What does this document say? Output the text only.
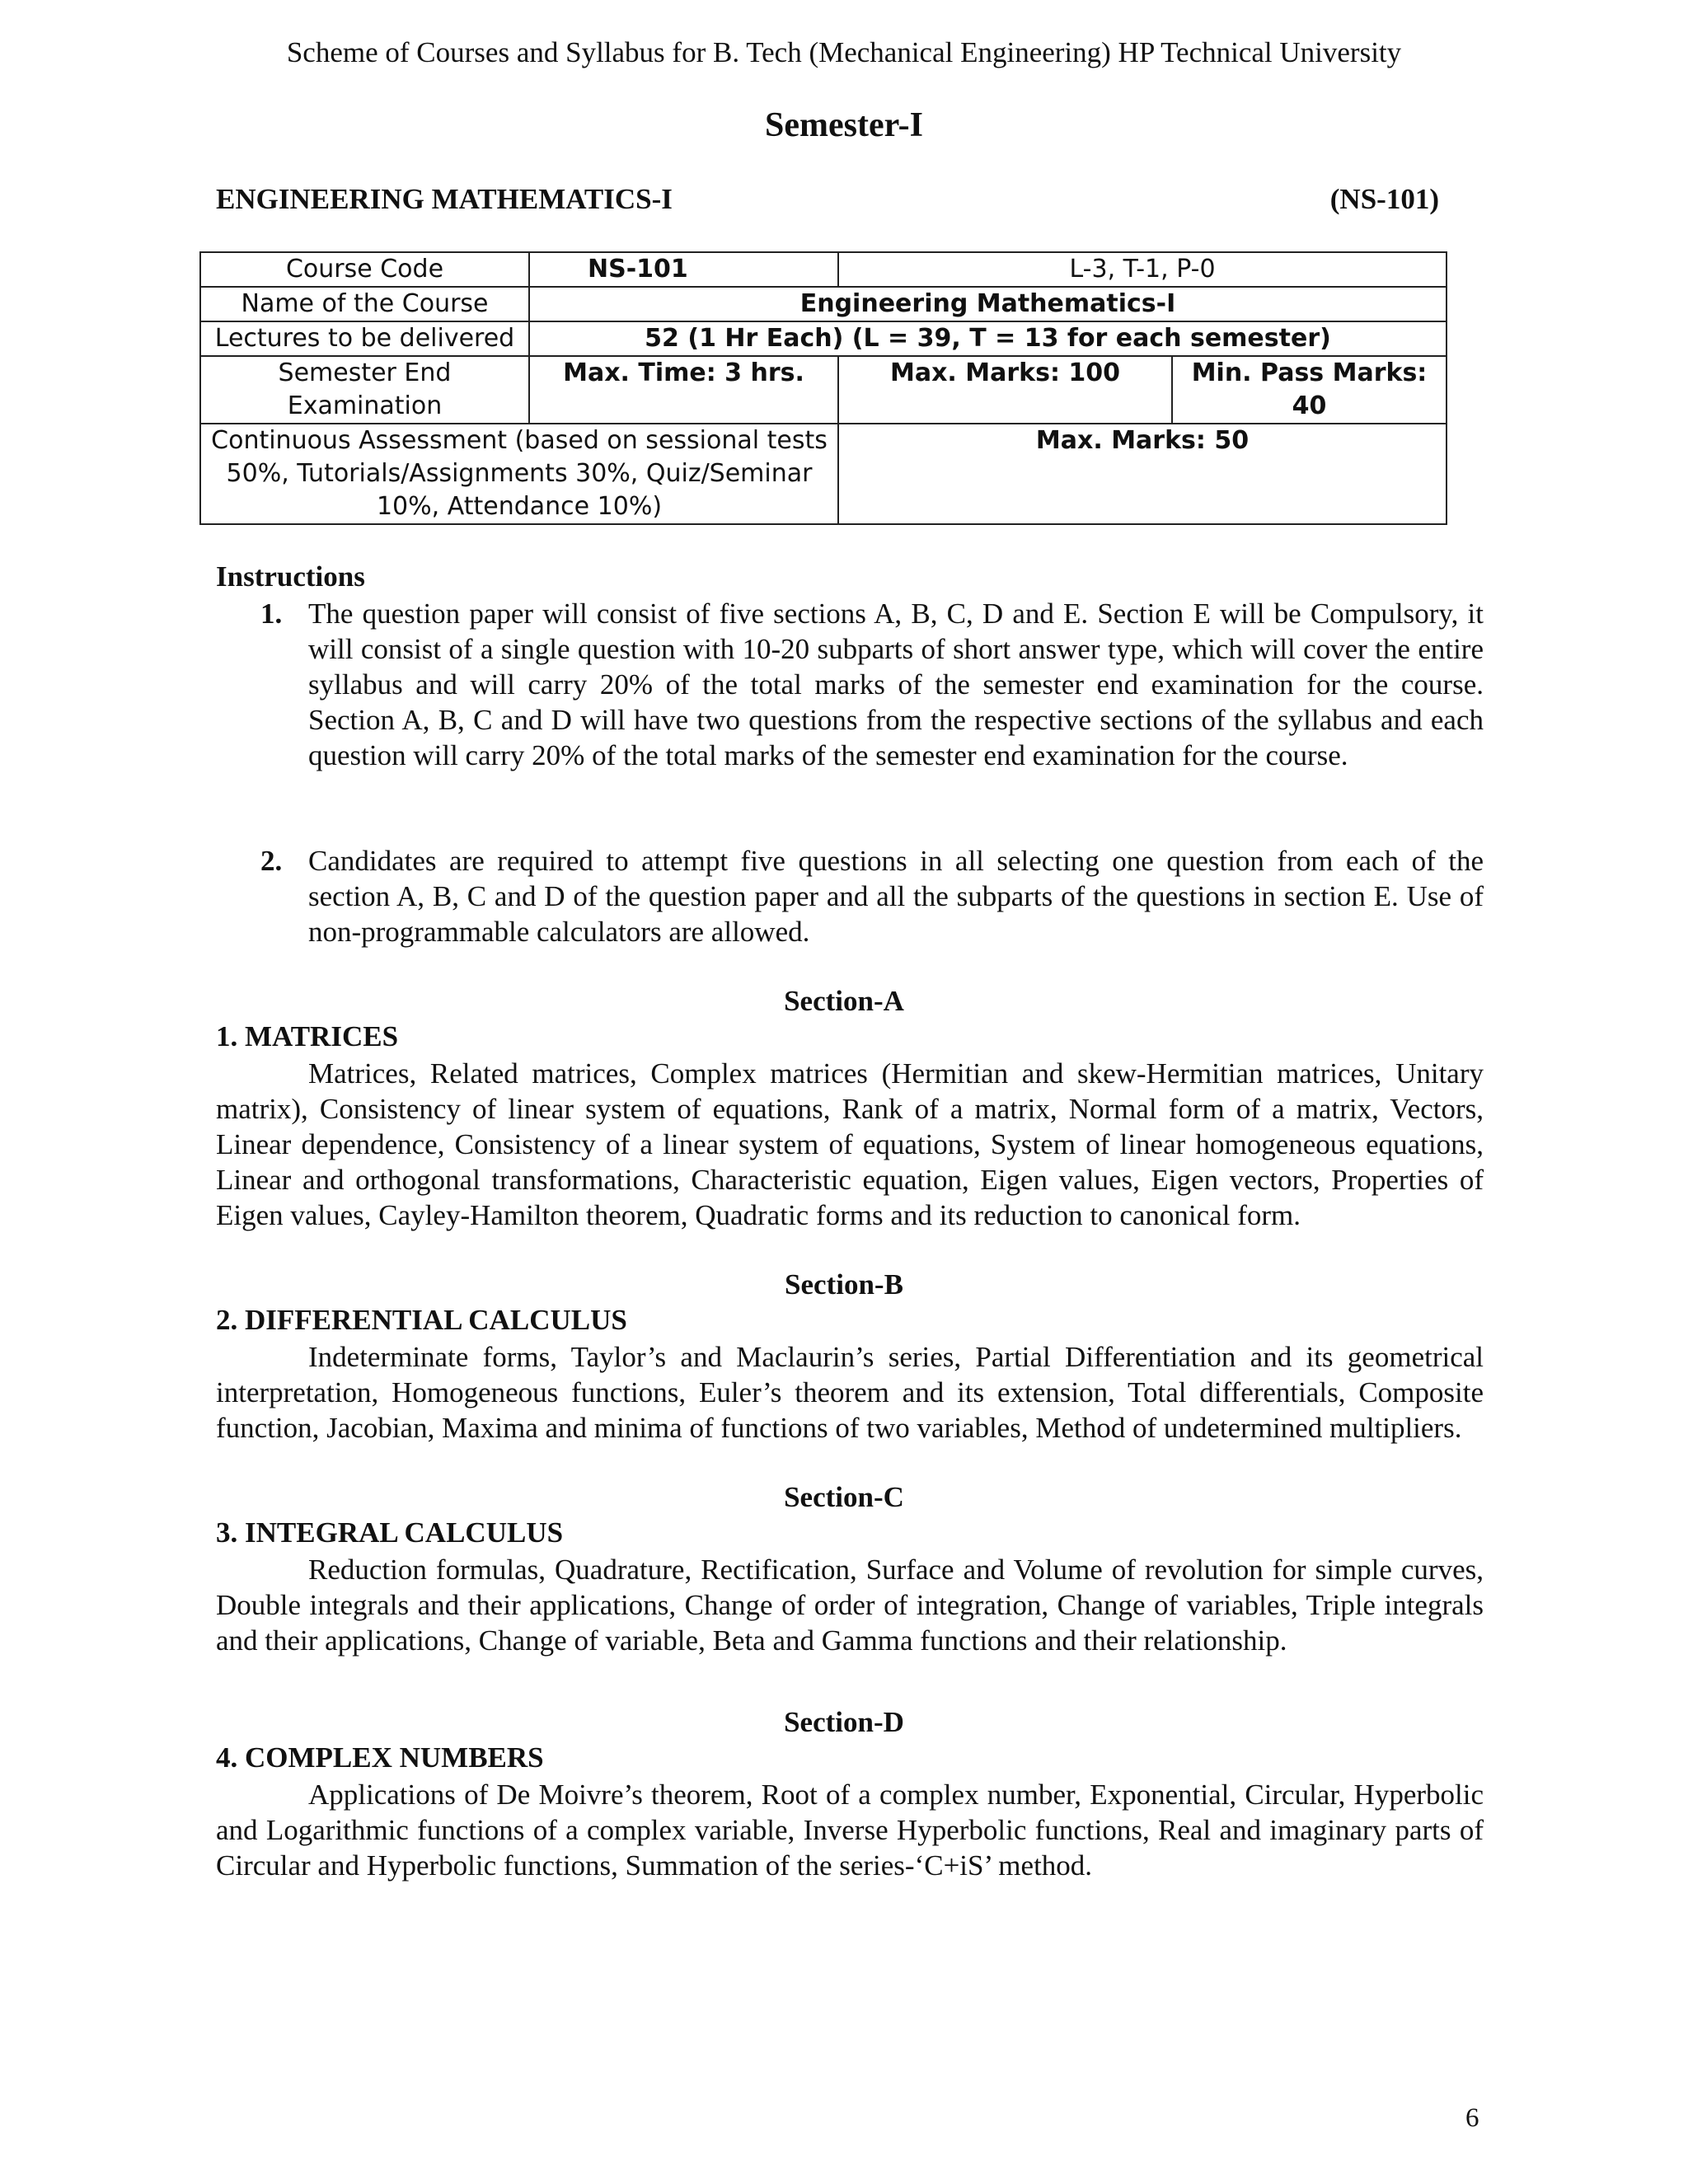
Scheme of Courses and Syllabus for B. Tech (Mechanical Engineering) HP Technical University
Semester-I
ENGINEERING MATHEMATICS-I	(NS-101)
Course Code	NS-101	L-3, T-1, P-0	
Name of the Course	Engineering Mathematics-I		
Lectures to be delivered	52 (1 Hr Each) (L = 39, T = 13 for each semester)		
Semester End Examination	Max. Time: 3 hrs.	Max. Marks: 100	Min. Pass Marks: 40
Continuous Assessment (based on sessional tests 50%, Tutorials/Assignments 30%, Quiz/Seminar 10%, Attendance 10%)		Max. Marks: 50	
Instructions
1. The question paper will consist of five sections A, B, C, D and E. Section E will be Compulsory, it will consist of a single question with 10-20 subparts of short answer type, which will cover the entire syllabus and will carry 20% of the total marks of the semester end examination for the course. Section A, B, C and D will have two questions from the respective sections of the syllabus and each question will carry 20% of the total marks of the semester end examination for the course.
2. Candidates are required to attempt five questions in all selecting one question from each of the section A, B, C and D of the question paper and all the subparts of the questions in section E. Use of non-programmable calculators are allowed.
Section-A
1. MATRICES
Matrices, Related matrices, Complex matrices (Hermitian and skew-Hermitian matrices, Unitary matrix), Consistency of linear system of equations, Rank of a matrix, Normal form of a matrix, Vectors, Linear dependence, Consistency of a linear system of equations, System of linear homogeneous equations, Linear and orthogonal transformations, Characteristic equation, Eigen values, Eigen vectors, Properties of Eigen values, Cayley-Hamilton theorem, Quadratic forms and its reduction to canonical form.
Section-B
2. DIFFERENTIAL CALCULUS
Indeterminate forms, Taylor’s and Maclaurin’s series, Partial Differentiation and its geometrical interpretation, Homogeneous functions, Euler’s theorem and its extension, Total differentials, Composite function, Jacobian, Maxima and minima of functions of two variables, Method of undetermined multipliers.
Section-C
3. INTEGRAL CALCULUS
Reduction formulas, Quadrature, Rectification, Surface and Volume of revolution for simple curves, Double integrals and their applications, Change of order of integration, Change of variables, Triple integrals and their applications, Change of variable, Beta and Gamma functions and their relationship.
Section-D
4. COMPLEX NUMBERS
Applications of De Moivre’s theorem, Root of a complex number, Exponential, Circular, Hyperbolic and Logarithmic functions of a complex variable, Inverse Hyperbolic functions, Real and imaginary parts of Circular and Hyperbolic functions, Summation of the series-‘C+iS’ method.
6
